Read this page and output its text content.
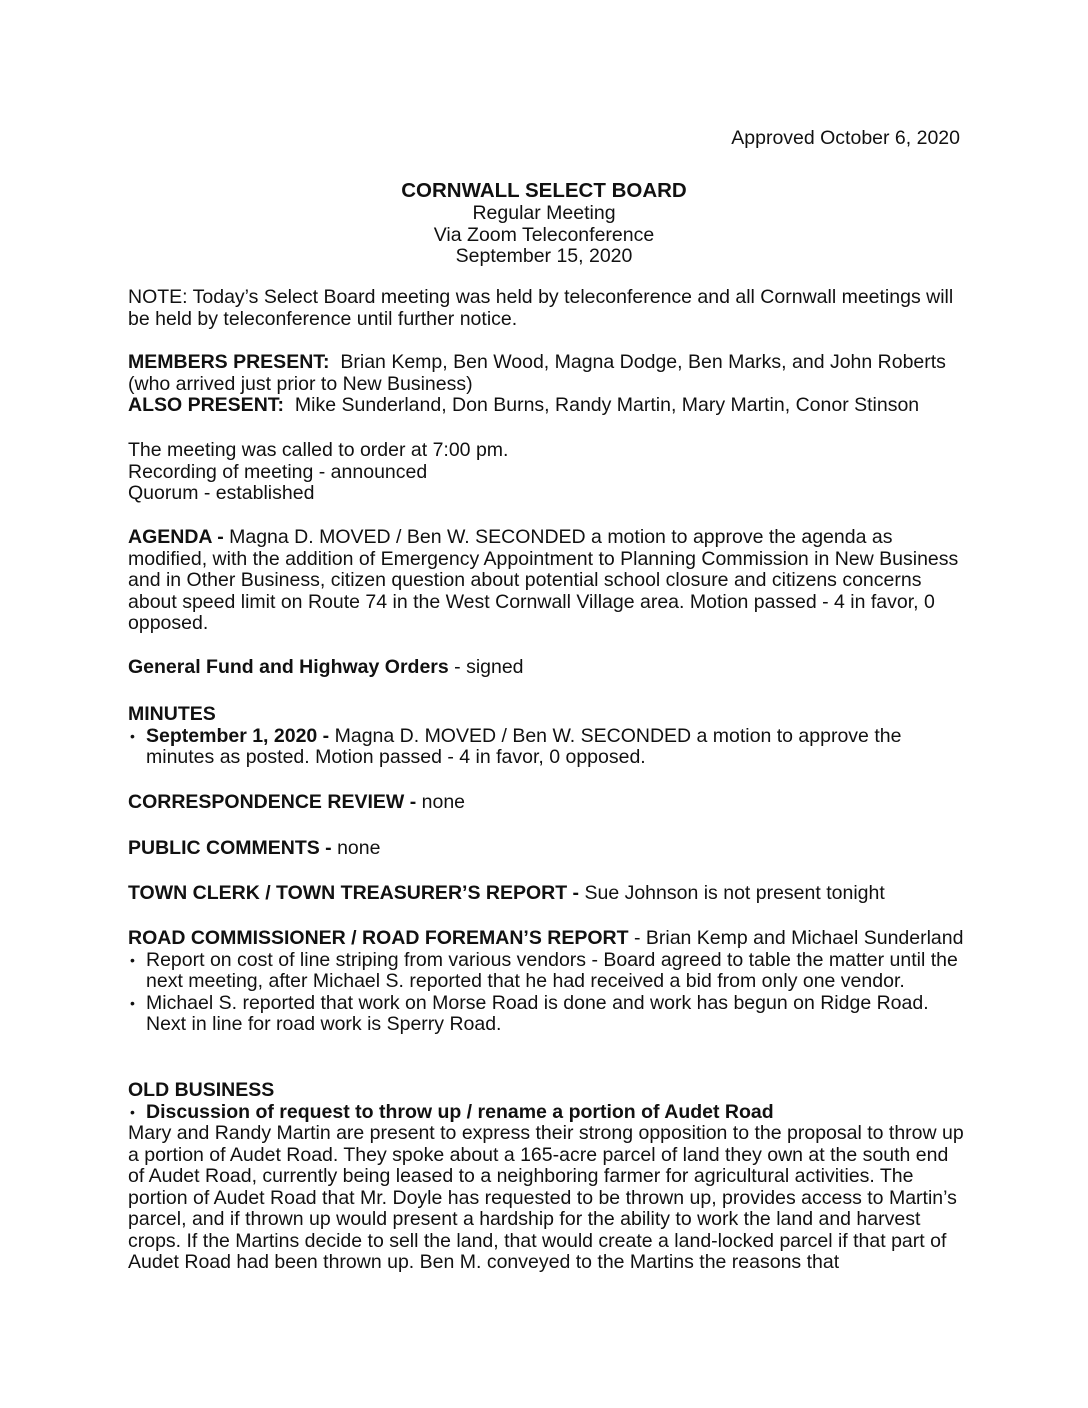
Approved October 6, 2020
CORNWALL SELECT BOARD
Regular Meeting
Via Zoom Teleconference
September 15, 2020

NOTE: Today’s Select Board meeting was held by teleconference and all Cornwall meetings will be held by teleconference until further notice.

MEMBERS PRESENT: Brian Kemp, Ben Wood, Magna Dodge, Ben Marks, and John Roberts (who arrived just prior to New Business)

ALSO PRESENT: Mike Sunderland, Don Burns, Randy Martin, Mary Martin, Conor Stinson

The meeting was called to order at 7:00 pm.
Recording of meeting - announced
Quorum - established

AGENDA - Magna D. MOVED / Ben W. SECONDED a motion to approve the agenda as modified, with the addition of Emergency Appointment to Planning Commission in New Business and in Other Business, citizen question about potential school closure and citizens concerns about speed limit on Route 74 in the West Cornwall Village area. Motion passed - 4 in favor, 0 opposed.

General Fund and Highway Orders - signed

MINUTES
• September 1, 2020 - Magna D. MOVED / Ben W. SECONDED a motion to approve the minutes as posted. Motion passed - 4 in favor, 0 opposed.

CORRESPONDENCE REVIEW - none

PUBLIC COMMENTS - none

TOWN CLERK / TOWN TREASURER’S REPORT - Sue Johnson is not present tonight

ROAD COMMISSIONER / ROAD FOREMAN’S REPORT - Brian Kemp and Michael Sunderland

• Report on cost of line striping from various vendors - Board agreed to table the matter until the next meeting, after Michael S. reported that he had received a bid from only one vendor.
• Michael S. reported that work on Morse Road is done and work has begun on Ridge Road. Next in line for road work is Sperry Road.
OLD BUSINESS
• Discussion of request to throw up / rename a portion of Audet Road

Mary and Randy Martin are present to express their strong opposition to the proposal to throw up a portion of Audet Road. They spoke about a 165-acre parcel of land they own at the south end of Audet Road, currently being leased to a neighboring farmer for agricultural activities. The portion of Audet Road that Mr. Doyle has requested to be thrown up, provides access to Martin’s parcel, and if thrown up would present a hardship for the ability to work the land and harvest crops. If the Martins decide to sell the land, that would create a land-locked parcel if that part of Audet Road had been thrown up. Ben M. conveyed to the Martins the reasons that
